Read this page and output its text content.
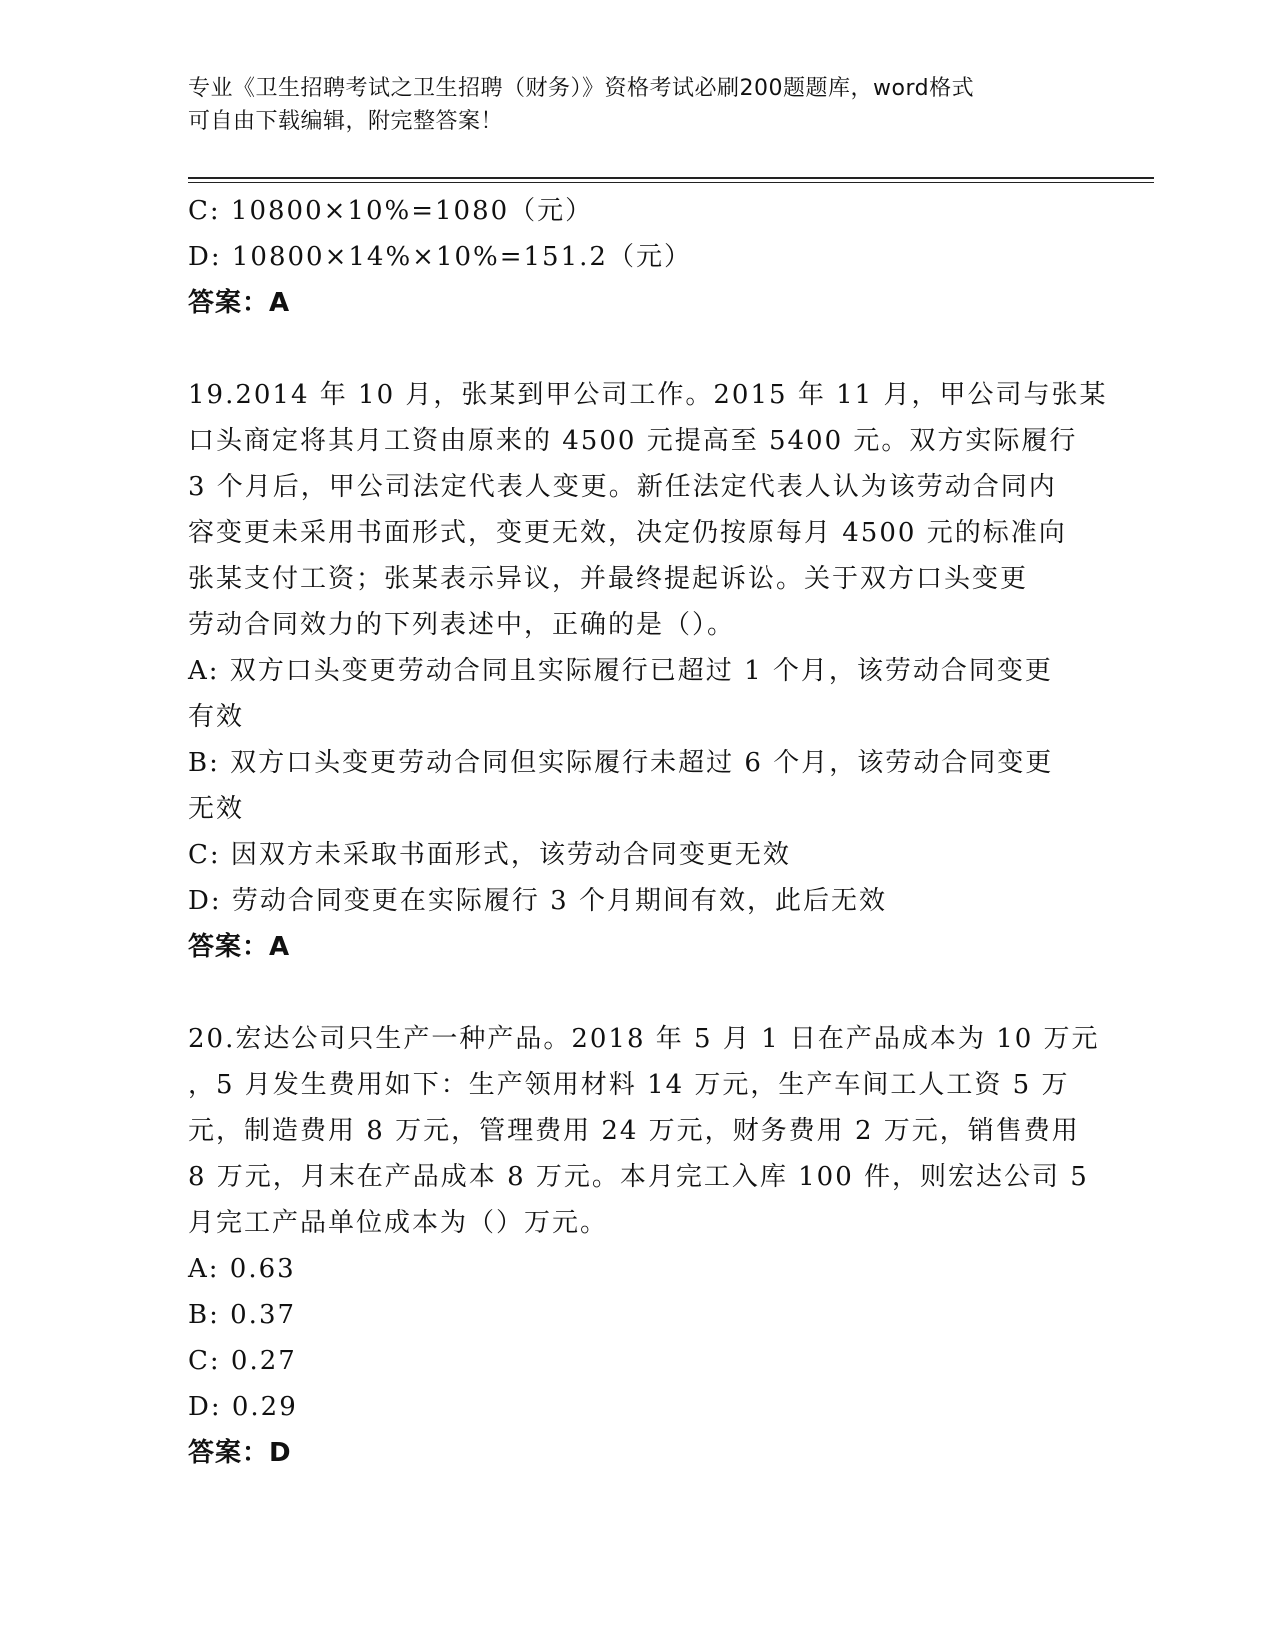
专业《卫生招聘考试之卫生招聘（财务）》资格考试必刷200题题库，word格式
可自由下载编辑，附完整答案！
C: 10800×10%=1080（元）
D: 10800×14%×10%=151.2（元）
答案：A
19.2014 年 10 月，张某到甲公司工作。2015 年 11 月，甲公司与张某
口头商定将其月工资由原来的 4500 元提高至 5400 元。双方实际履行
3 个月后，甲公司法定代表人变更。新任法定代表人认为该劳动合同内
容变更未采用书面形式，变更无效，决定仍按原每月 4500 元的标准向
张某支付工资；张某表示异议，并最终提起诉讼。关于双方口头变更
劳动合同效力的下列表述中，正确的是（）。
A: 双方口头变更劳动合同且实际履行已超过 1 个月，该劳动合同变更
有效
B: 双方口头变更劳动合同但实际履行未超过 6 个月，该劳动合同变更
无效
C: 因双方未采取书面形式，该劳动合同变更无效
D: 劳动合同变更在实际履行 3 个月期间有效，此后无效
答案：A
20.宏达公司只生产一种产品。2018 年 5 月 1 日在产品成本为 10 万元
，5 月发生费用如下：生产领用材料 14 万元，生产车间工人工资 5 万
元，制造费用 8 万元，管理费用 24 万元，财务费用 2 万元，销售费用
8 万元，月末在产品成本 8 万元。本月完工入库 100 件，则宏达公司 5
月完工产品单位成本为（）万元。
A: 0.63
B: 0.37
C: 0.27
D: 0.29
答案：D
